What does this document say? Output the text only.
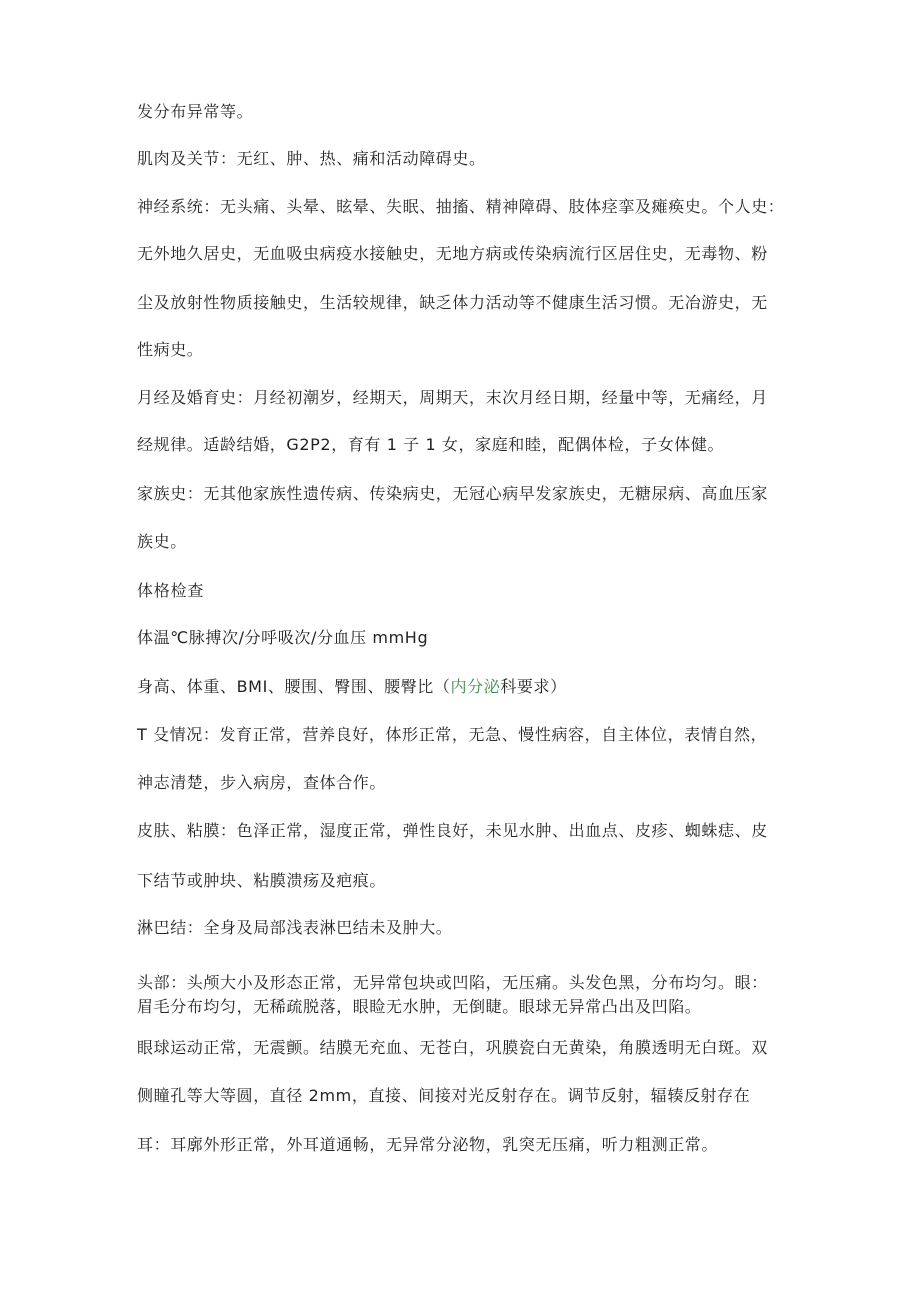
发分布异常等。
肌肉及关节：无红、肿、热、痛和活动障碍史。
神经系统：无头痛、头晕、眩晕、失眠、抽搐、精神障碍、肢体痉挛及瘫痪史。个人史：
无外地久居史，无血吸虫病疫水接触史，无地方病或传染病流行区居住史，无毒物、粉
尘及放射性物质接触史，生活较规律，缺乏体力活动等不健康生活习惯。无冶游史，无
性病史。
月经及婚育史：月经初潮岁，经期天，周期天，末次月经日期，经量中等，无痛经，月
经规律。适龄结婚，G2P2，育有 1 子 1 女，家庭和睦，配偶体检，子女体健。
家族史：无其他家族性遗传病、传染病史，无冠心病早发家族史，无糖尿病、高血压家
族史。
体格检查
体温℃脉搏次/分呼吸次/分血压 mmHg
身高、体重、BMI、腰围、臀围、腰臀比（内分泌科要求）
T 殳情况：发育正常，营养良好，体形正常，无急、慢性病容，自主体位，表情自然，
神志清楚，步入病房，查体合作。
皮肤、粘膜：色泽正常，湿度正常，弹性良好，未见水肿、出血点、皮疹、蜘蛛痣、皮
下结节或肿块、粘膜溃疡及疤痕。
淋巴结：全身及局部浅表淋巴结未及肿大。
头部：头颅大小及形态正常，无异常包块或凹陷，无压痛。头发色黑，分布均匀。眼：
眉毛分布均匀，无稀疏脱落，眼睑无水肿，无倒睫。眼球无异常凸出及凹陷。
眼球运动正常，无震颤。结膜无充血、无苍白，巩膜瓷白无黄染，角膜透明无白斑。双
侧瞳孔等大等圆，直径 2mm，直接、间接对光反射存在。调节反射，辐辏反射存在
耳：耳廓外形正常，外耳道通畅，无异常分泌物，乳突无压痛，听力粗测正常。
